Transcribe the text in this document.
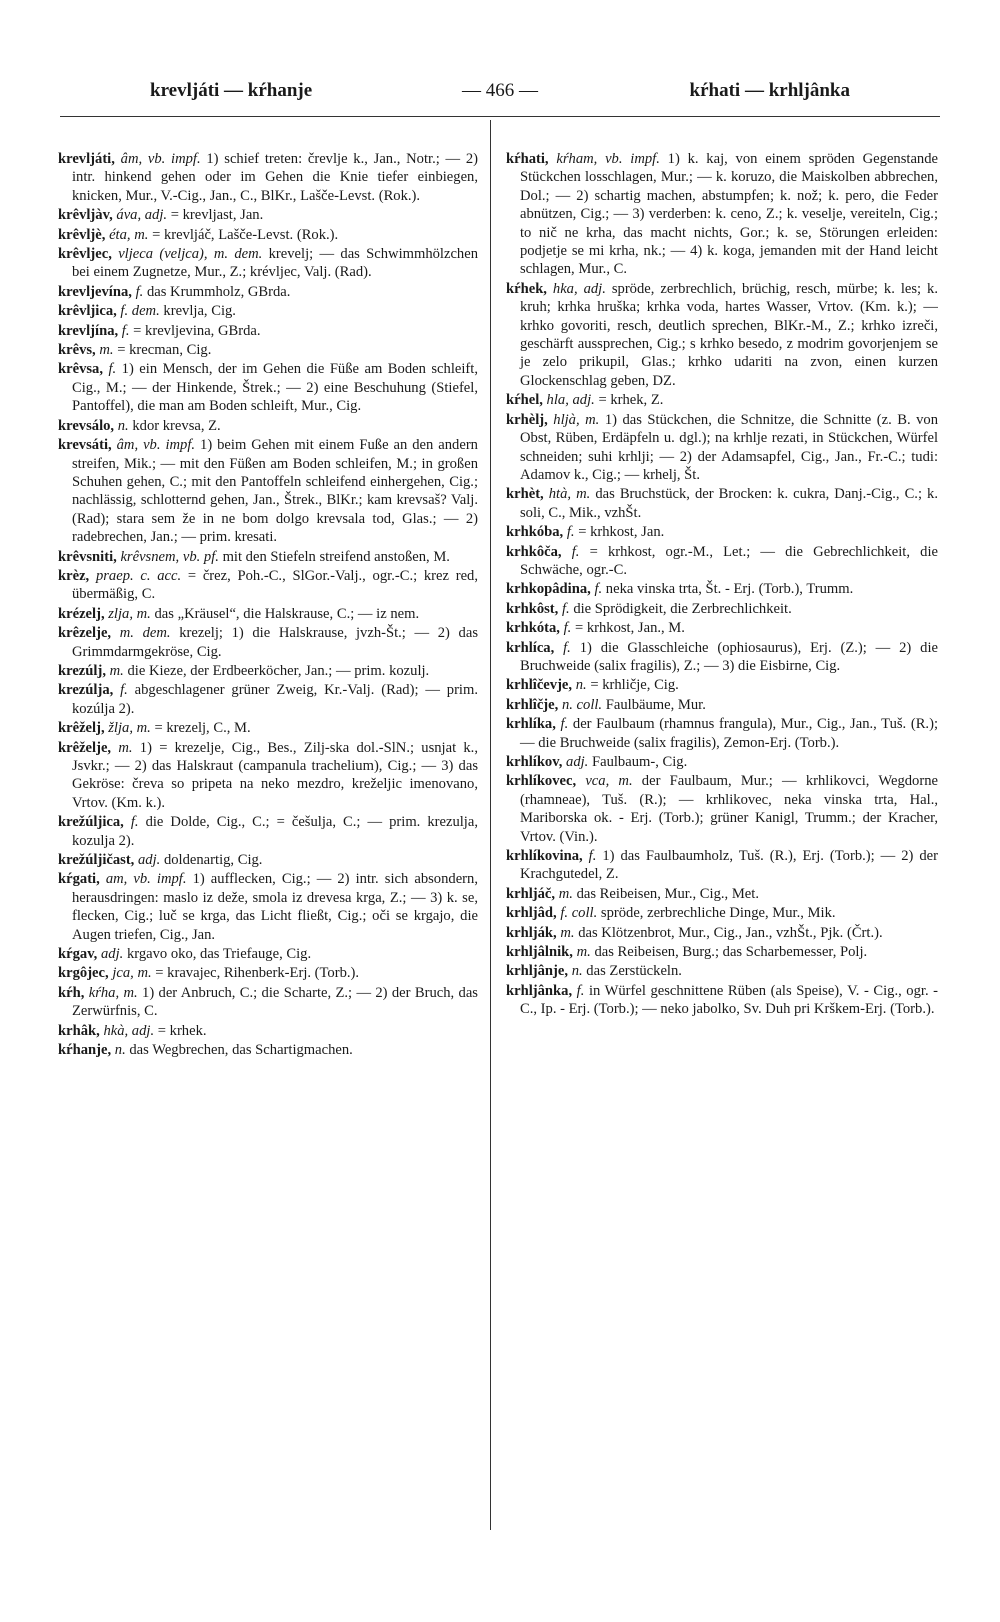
krevljáti — kŕhanje	— 466 —	kŕhati — krhljânka

krevljáti, âm, vb. impf. 1) schief treten: črevlje k., Jan., Notr.; — 2) intr. hinkend gehen oder im Gehen die Knie tiefer einbiegen, knicken, Mur., V.-Cig., Jan., C., BlKr., Lašče-Levst. (Rok.).

krêvljàv, áva, adj. = krevljast, Jan.

krêvljè, éta, m. = krevljáč, Lašče-Levst. (Rok.).

krêvljec, vljeca (veljca), m. dem. krevelj; — das Schwimmhölzchen bei einem Zugnetze, Mur., Z.; krévljec, Valj. (Rad).

krevljevína, f. das Krummholz, GBrda.

krêvljica, f. dem. krevlja, Cig.

krevljína, f. = krevljevina, GBrda.

krêvs, m. = krecman, Cig.

krêvsa, f. 1) ein Mensch, der im Gehen die Füße am Boden schleift, Cig., M.; — der Hinkende, Štrek.; — 2) eine Beschuhung (Stiefel, Pantoffel), die man am Boden schleift, Mur., Cig.

krevsálo, n. kdor krevsa, Z.

krevsáti, âm, vb. impf. 1) beim Gehen mit einem Fuße an den andern streifen, Mik.; — mit den Füßen am Boden schleifen, M.; in großen Schuhen gehen, C.; mit den Pantoffeln schleifend einhergehen, Cig.; nachlässig, schlotternd gehen, Jan., Štrek., BlKr.; kam krevsaš? Valj. (Rad); stara sem že in ne bom dolgo krevsala tod, Glas.; — 2) radebrechen, Jan.; — prim. kresati.

krêvsniti, krêvsnem, vb. pf. mit den Stiefeln streifend anstoßen, M.

krèz, praep. c. acc. = črez, Poh.-C., SlGor.-Valj., ogr.-C.; krez red, übermäßig, C.

krézelj, zlja, m. das „Kräusel“, die Halskrause, C.; — iz nem.

krêzelje, m. dem. krezelj; 1) die Halskrause, jvzh-Št.; — 2) das Grimmdarmgekröse, Cig.

krezúlj, m. die Kieze, der Erdbeerköcher, Jan.; — prim. kozulj.

krezúlja, f. abgeschlagener grüner Zweig, Kr.-Valj. (Rad); — prim. kozúlja 2).

krêželj, žlja, m. = krezelj, C., M.

krêželje, m. 1) = krezelje, Cig., Bes., Zilj-ska dol.-SlN.; usnjat k., Jsvkr.; — 2) das Halskraut (campanula trachelium), Cig.; — 3) das Gekröse: čreva so pripeta na neko mezdro, kreželjic imenovano, Vrtov. (Km. k.).

krežúljica, f. die Dolde, Cig., C.; = češulja, C.; — prim. krezulja, kozulja 2).

krežúljičast, adj. doldenartig, Cig.

kŕgati, am, vb. impf. 1) aufflecken, Cig.; — 2) intr. sich absondern, herausdringen: maslo iz deže, smola iz drevesa krga, Z.; — 3) k. se, flecken, Cig.; luč se krga, das Licht fließt, Cig.; oči se krgajo, die Augen triefen, Cig., Jan.

kŕgav, adj. krgavo oko, das Triefauge, Cig.

krgôjec, jca, m. = kravajec, Rihenberk-Erj. (Torb.).

kŕh, kŕha, m. 1) der Anbruch, C.; die Scharte, Z.; — 2) der Bruch, das Zerwürfnis, C.

krhâk, hkà, adj. = krhek.

kŕhanje, n. das Wegbrechen, das Schartigmachen.

kŕhati, kŕham, vb. impf. 1) k. kaj, von einem spröden Gegenstande Stückchen losschlagen, Mur.; — k. koruzo, die Maiskolben abbrechen, Dol.; — 2) schartig machen, abstumpfen; k. nož; k. pero, die Feder abnützen, Cig.; — 3) verderben: k. ceno, Z.; k. veselje, vereiteln, Cig.; to nič ne krha, das macht nichts, Gor.; k. se, Störungen erleiden: podjetje se mi krha, nk.; — 4) k. koga, jemanden mit der Hand leicht schlagen, Mur., C.

kŕhek, hka, adj. spröde, zerbrechlich, brüchig, resch, mürbe; k. les; k. kruh; krhka hruška; krhka voda, hartes Wasser, Vrtov. (Km. k.); — krhko govoriti, resch, deutlich sprechen, BlKr.-M., Z.; krhko izreči, geschärft aussprechen, Cig.; s krhko besedo, z modrim govorjenjem se je zelo prikupil, Glas.; krhko udariti na zvon, einen kurzen Glockenschlag geben, DZ.

kŕhel, hla, adj. = krhek, Z.

krhèlj, hljà, m. 1) das Stückchen, die Schnitze, die Schnitte (z. B. von Obst, Rüben, Erdäpfeln u. dgl.); na krhlje rezati, in Stückchen, Würfel schneiden; suhi krhlji; — 2) der Adamsapfel, Cig., Jan., Fr.-C.; tudi: Adamov k., Cig.; — krhelj, Št.

krhèt, htà, m. das Bruchstück, der Brocken: k. cukra, Danj.-Cig., C.; k. soli, C., Mik., vzhŠt.

krhkóba, f. = krhkost, Jan.

krhkôča, f. = krhkost, ogr.-M., Let.; — die Gebrechlichkeit, die Schwäche, ogr.-C.

krhkopâdina, f. neka vinska trta, Št. - Erj. (Torb.), Trumm.

krhkôst, f. die Sprödigkeit, die Zerbrechlichkeit.

krhkóta, f. = krhkost, Jan., M.

krhlíca, f. 1) die Glasschleiche (ophiosaurus), Erj. (Z.); — 2) die Bruchweide (salix fragilis), Z.; — 3) die Eisbirne, Cig.

krhlîčevje, n. = krhličje, Cig.

krhlîčje, n. coll. Faulbäume, Mur.

krhlíka, f. der Faulbaum (rhamnus frangula), Mur., Cig., Jan., Tuš. (R.); — die Bruchweide (salix fragilis), Zemon-Erj. (Torb.).

krhlíkov, adj. Faulbaum-, Cig.

krhlíkovec, vca, m. der Faulbaum, Mur.; — krhlikovci, Wegdorne (rhamneae), Tuš. (R.); — krhlikovec, neka vinska trta, Hal., Mariborska ok. - Erj. (Torb.); grüner Kanigl, Trumm.; der Kracher, Vrtov. (Vin.).

krhlíkovina, f. 1) das Faulbaumholz, Tuš. (R.), Erj. (Torb.); — 2) der Krachgutedel, Z.

krhljáč, m. das Reibeisen, Mur., Cig., Met.

krhljâd, f. coll. spröde, zerbrechliche Dinge, Mur., Mik.

krhlják, m. das Klötzenbrot, Mur., Cig., Jan., vzhŠt., Pjk. (Črt.).

krhljâlnik, m. das Reibeisen, Burg.; das Scharbemesser, Polj.

krhljânje, n. das Zerstückeln.

krhljânka, f. in Würfel geschnittene Rüben (als Speise), V. - Cig., ogr. - C., Ip. - Erj. (Torb.); — neko jabolko, Sv. Duh pri Krškem-Erj. (Torb.).
